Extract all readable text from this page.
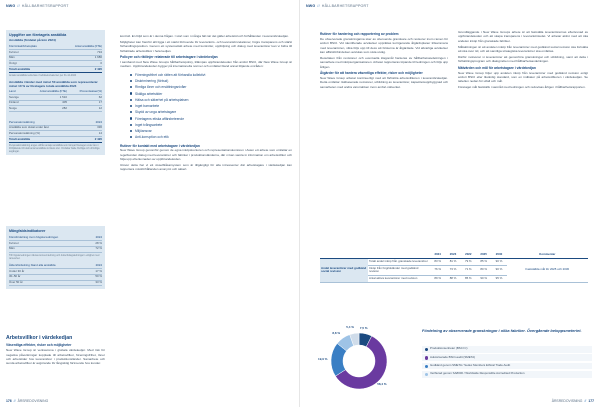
NWG // HÅLLBARHETSRAPPORT
Uppgifter om företagets anställda
Anställda (fördelat på kön 2024)
Kön/Antal/Arbetsplats	Antal anställda (FTE)
Kvinnor	734
Män	1 686
Övrigt	0
Totalt anställda	2 420
Antalet anställda redovisas i heltidsekvivalenter per 31-12-2024
Anställda i länder med minst 50 anställda som representerar minst 10 % av företagets totala anställda 2024
Land	Antal anställda (FTE)	Procentsatser(%)
Sverige	1 510	62
Finland	405	17
Norge	282	12
Personalomsättning	2024
Anställda som slutat under året	336
Personalomsättning (%)	14
Totalt anställda	2 420
Personalomsättning anges utifrån antalet anställda som lämnat företaget under året i förhållande till totalt antal anställda vid årets slut. Omfattar både frivilliga och ofrivilliga avgångar.
Mångfaldsindikatorer
Könsfördelning inom högsta ledningen	2024
Kvinnor	28 %
Män	72 %
Till högsta ledningen räknas koncernledning och dotterbolagsledningar i enlighet med ramverket.
Åldersfördelning bland alla anställda	2024
Under 30 år	17 %
30–50 år	50 %
Över 50 år	33 %
Arbetsvillkor i värdekedjan
Väsentliga effekter, risker och möjligheter

New Wave Group är verksamma i globala värdekedjor. Med risk för negativa påverkningar kopplade till arbetsvillkor, föreningsfrihet, löner och arbetstider hos leverantörer i produktionsländer. Samarbete och sunda arbetsvillkor är avgörande för långsiktig förtroende hos kunder.

kontroll. En följd som är i denna frågan. I stort som i många fall när det gäller arbetstid och förhållanden i leverantörskedjan.

Möjligheter kan framför allt ligga i ett starkt förtroende för leverantörs- och leverantörsrelationer, högre transparens och stärkt förhandlingsposition. Genom ett systematiskt arbete med kontroller, uppföljning och dialog med leverantörer kan vi bidra till förbättrade arbetsvillkor i hela kedjan.

Policyer och riktlinjer relaterade till arbetstagare i värdekedjan

I samband med New Wave Groups hållbarhetspolicy, tillämpas uppförandekoden från amfori BSCI, där New Wave Group är medlem. Uppförandekoden bygger på internationella normer och omfattar bland annat följande områden:

Föreningsfrihet och rätten att förhandla kollektivt
Diskriminering (förbud)
Rimliga löner och ersättningsnivåer
Skäliga arbetstider
Hälsa och säkerhet på arbetsplatsen
Inget barnarbete
Skydd av unga arbetstagare
Företagens etiska affärsbeteende
Inget tvångsarbete
Miljöansvar
Anti-korruption och etik
Rutiner för kontakt med arbetstagare i värdekedjan

New Wave Group genomför genom de egna inköpskontoren och representationskontoren i Asien ett arbete som omfattar en regelbunden dialog med leverantörer och fabriker i produktionsländerna, där vi kan samla in information om arbetsvillkor och följa upp efterlevnaden av uppförandekoden.

Utöver detta har vi ett visselblåsarsystem som är tillgängligt för alla intressenter där arbetstagare i värdekedjan kan rapportera missförhållanden anonymt och säkert.

176 // ÅRSREDOVISNING
NWG // HÅLLBARHETSRAPPORT
Rutiner för hantering och rapportering av problem

De observerade granskningarna sker av oberoende granskare och revisorer inom ramen för amfori BSCI. Vid identifierade avvikelser upprättas korrigerande åtgärdsplaner tillsammans med leverantören, vilka följs upp till dess att bristerna är åtgärdade. Vid allvarliga avvikelser kan affärsförbindelsen avslutas som sista utväg.

Resultaten från revisioner och eventuella klagomål hanteras av hållbarhetsavdelningen i samarbete med inköpsorganisationen. Arbetet rapporteras löpande till ledningen och följs upp årligen.

Åtgärder för att hantera väsentliga effekter, risker och möjligheter

New Wave Group arbetar kontinuerligt med att förbättra arbetsvillkoren i leverantörskedjan. Detta omfattar riskbaserade revisioner, utbildning av leverantörer, kapacitetsuppbyggnad och samarbeten med andra varumärken inom amfori-nätverket.

Grundläggande i New Wave Groups arbete är att fastställa leverantörernas efterlevnad av uppförandekoden och att skapa transparens i leverantörsledet. Vi arbetar aktivt med att öka andelen inköp från granskade fabriker.

Målsättningen är att andelen inköp från leverantörer med godkänd social revision ska fortsätta att öka över tid, och att samtliga strategiska leverantörer ska omfattas.

Därför motiverar vi leverantörer att genomföra granskningar och utbildning, samt att delta i förbättringsprogram och dialogmöten med hållbarhetsavdelningen.

Mätvärden och mål för arbetstagare i värdekedjan

New Wave Group följer upp andelen inköp från leverantörer med godkänd revision enligt amfori BSCI eller likvärdig standard, som en indikator på arbetsvillkoren i värdekedjan. Se tabellen nedan för utfall och mål.

Företaget mål fastställs i samråd med ledningen och redovisas årligen i hållbarhetsrapporten.

		2024	2023	2022	2025	2030	Kommentar
Andel leverantörer med godkänd social revision	Totalt andel inköp från granskade leverantörer	83 %	81 %	79 %	85 %	90 %	Fastställda mål för 2025 och 2030
	Inköp från högriskländer med godkänd revision	76 %	73 %	71 %	80 %	90 %	
	Antal aktiva leverantörer med revision	89 %	88 %	85 %	90 %	95 %	
7,5 %
58,4 %
19,9 %
8,8 %
5,4 %
Fördelning av observerade granskningar i olika fabriker. Övergående beloppsmeteriet.
Produktionsenheter (BSCI C)
Auktoriserade BSCI-audit (SMETA)
Godkänd genom SMETA / Sedex Members Ethical Trade Audit
Verifierad genom SA8000 / Worldwide Responsible Accredited Production
ÅRSREDOVISNING // 177
